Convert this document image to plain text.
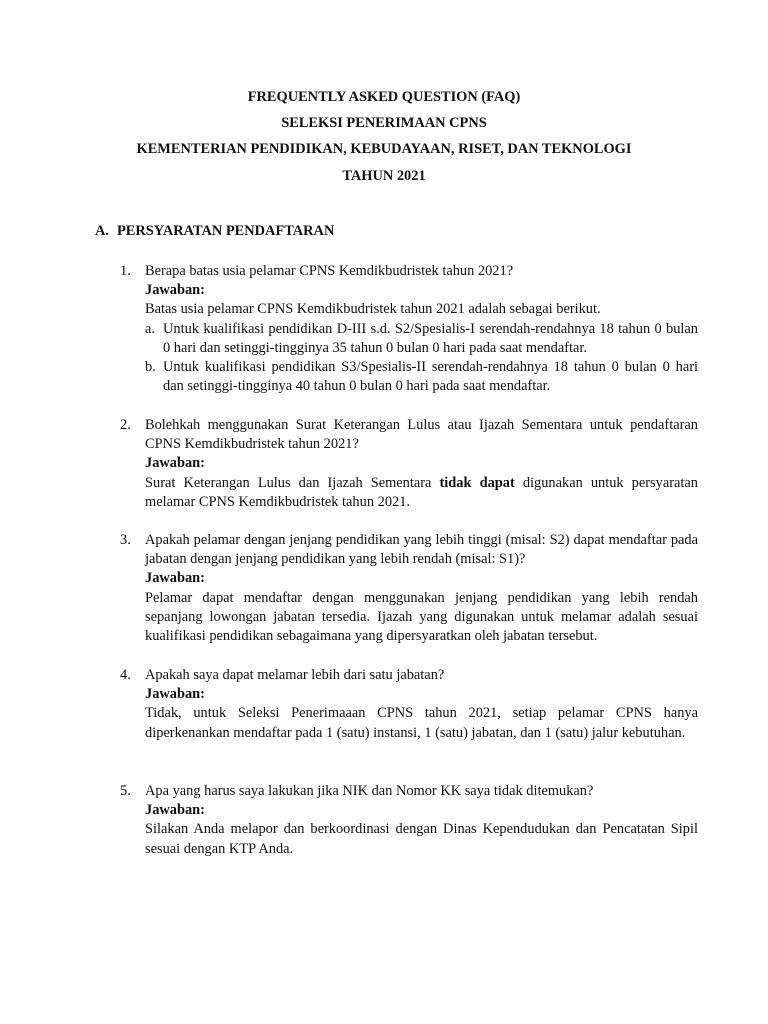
FREQUENTLY ASKED QUESTION (FAQ)

SELEKSI PENERIMAAN CPNS

KEMENTERIAN PENDIDIKAN, KEBUDAYAAN, RISET, DAN TEKNOLOGI

TAHUN 2021

A. PERSYARATAN PENDAFTARAN

1. Berapa batas usia pelamar CPNS Kemdikbudristek tahun 2021?
Jawaban:
Batas usia pelamar CPNS Kemdikbudristek tahun 2021 adalah sebagai berikut.
a. Untuk kualifikasi pendidikan D-III s.d. S2/Spesialis-I serendah-rendahnya 18 tahun 0 bulan 0 hari dan setinggi-tingginya 35 tahun 0 bulan 0 hari pada saat mendaftar.
b. Untuk kualifikasi pendidikan S3/Spesialis-II serendah-rendahnya 18 tahun 0 bulan 0 hari dan setinggi-tingginya 40 tahun 0 bulan 0 hari pada saat mendaftar.
2. Bolehkah menggunakan Surat Keterangan Lulus atau Ijazah Sementara untuk pendaftaran CPNS Kemdikbudristek tahun 2021?
Jawaban:
Surat Keterangan Lulus dan Ijazah Sementara tidak dapat digunakan untuk persyaratan melamar CPNS Kemdikbudristek tahun 2021.
3. Apakah pelamar dengan jenjang pendidikan yang lebih tinggi (misal: S2) dapat mendaftar pada jabatan dengan jenjang pendidikan yang lebih rendah (misal: S1)?
Jawaban:
Pelamar dapat mendaftar dengan menggunakan jenjang pendidikan yang lebih rendah sepanjang lowongan jabatan tersedia. Ijazah yang digunakan untuk melamar adalah sesuai kualifikasi pendidikan sebagaimana yang dipersyaratkan oleh jabatan tersebut.
4. Apakah saya dapat melamar lebih dari satu jabatan?
Jawaban:
Tidak, untuk Seleksi Penerimaaan CPNS tahun 2021, setiap pelamar CPNS hanya diperkenankan mendaftar pada 1 (satu) instansi, 1 (satu) jabatan, dan 1 (satu) jalur kebutuhan.
5. Apa yang harus saya lakukan jika NIK dan Nomor KK saya tidak ditemukan?
Jawaban:
Silakan Anda melapor dan berkoordinasi dengan Dinas Kependudukan dan Pencatatan Sipil sesuai dengan KTP Anda.
